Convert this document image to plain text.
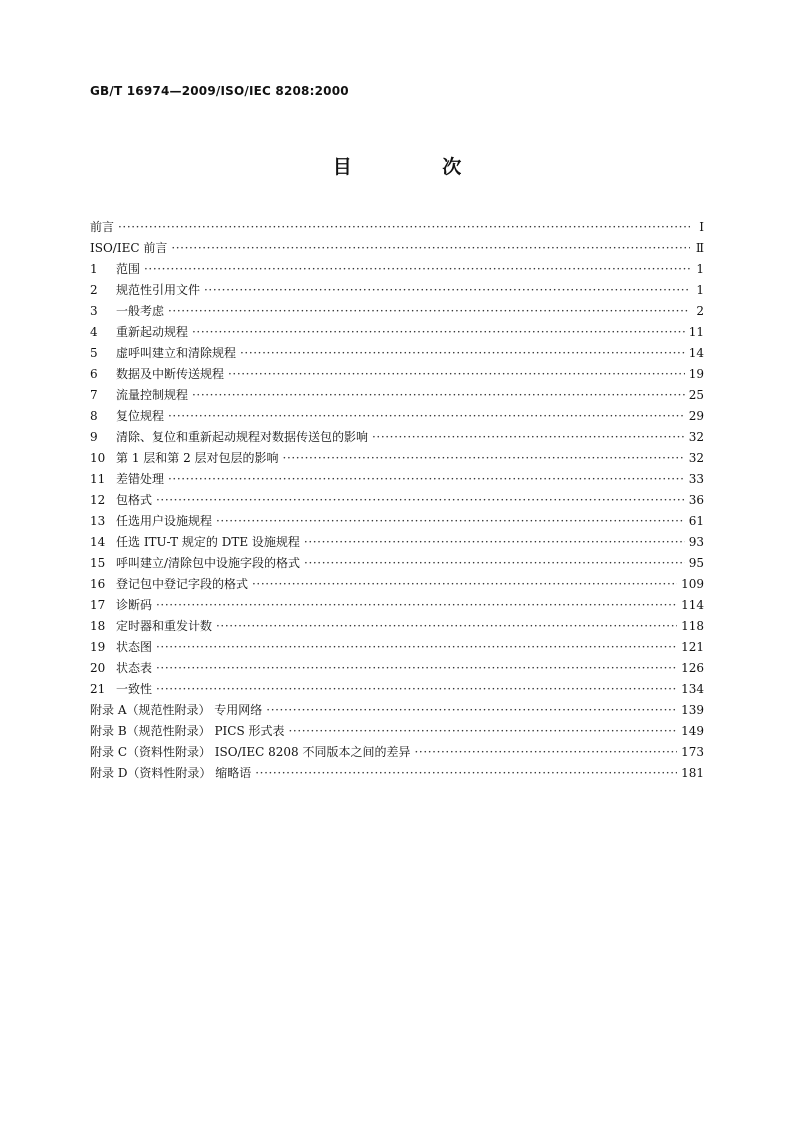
GB/T 16974—2009/ISO/IEC 8208:2000
目 次
前言 ·····	Ⅰ
ISO/IEC 前言 ·····	Ⅱ
1	范围 ·····	1
2	规范性引用文件 ·····	1
3	一般考虑 ·····	2
4	重新起动规程 ·····	11
5	虚呼叫建立和清除规程 ·····	14
6	数据及中断传送规程 ·····	19
7	流量控制规程 ·····	25
8	复位规程 ·····	29
9	清除、复位和重新起动规程对数据传送包的影响 ·····	32
10 第 1 层和第 2 层对包层的影响 ·····	32
11 差错处理 ·····	33
12 包格式 ·····	36
13 任选用户设施规程 ·····	61
14 任选 ITU-T 规定的 DTE 设施规程 ·····	93
15 呼叫建立/清除包中设施字段的格式 ·····	95
16 登记包中登记字段的格式 ·····	109
17 诊断码 ·····	114
18 定时器和重发计数 ·····	118
19 状态图 ·····	121
20 状态表 ·····	126
21 一致性 ·····	134
附录 A（规范性附录） 专用网络 ·····	139
附录 B（规范性附录） PICS 形式表 ·····	149
附录 C（资料性附录） ISO/IEC 8208 不同版本之间的差异 ·····	173
附录 D（资料性附录） 缩略语 ·····	181
